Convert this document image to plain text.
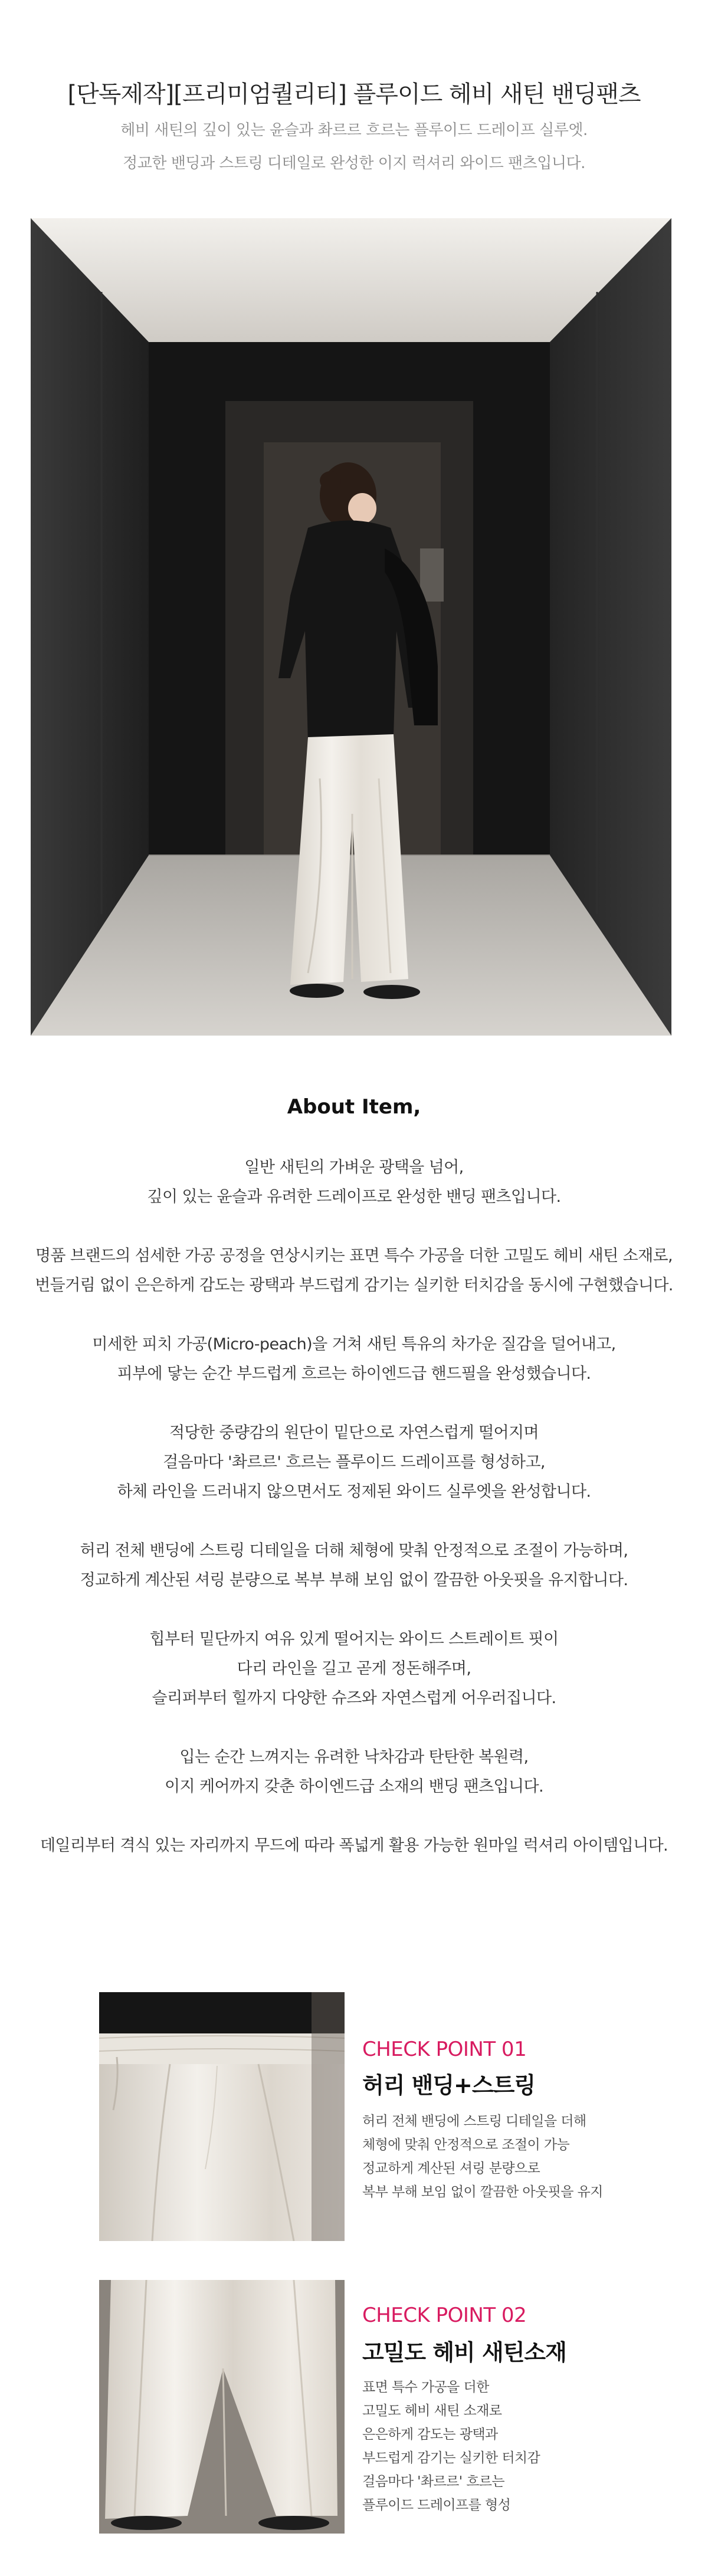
[단독제작][프리미엄퀄리티] 플루이드 헤비 새틴 밴딩팬츠
헤비 새틴의 깊이 있는 윤슬과 촤르르 흐르는 플루이드 드레이프 실루엣.
정교한 밴딩과 스트링 디테일로 완성한 이지 럭셔리 와이드 팬츠입니다.
About Item,

일반 새틴의 가벼운 광택을 넘어,
깊이 있는 윤슬과 유려한 드레이프로 완성한 밴딩 팬츠입니다.

명품 브랜드의 섬세한 가공 공정을 연상시키는 표면 특수 가공을 더한 고밀도 헤비 새틴 소재로,
번들거림 없이 은은하게 감도는 광택과 부드럽게 감기는 실키한 터치감을 동시에 구현했습니다.

미세한 피치 가공(Micro-peach)을 거쳐 새틴 특유의 차가운 질감을 덜어내고,
피부에 닿는 순간 부드럽게 흐르는 하이엔드급 핸드필을 완성했습니다.

적당한 중량감의 원단이 밑단으로 자연스럽게 떨어지며
걸음마다 '촤르르' 흐르는 플루이드 드레이프를 형성하고,
하체 라인을 드러내지 않으면서도 정제된 와이드 실루엣을 완성합니다.

허리 전체 밴딩에 스트링 디테일을 더해 체형에 맞춰 안정적으로 조절이 가능하며,
정교하게 계산된 셔링 분량으로 복부 부해 보임 없이 깔끔한 아웃핏을 유지합니다.

힙부터 밑단까지 여유 있게 떨어지는 와이드 스트레이트 핏이
다리 라인을 길고 곧게 정돈해주며,
슬리퍼부터 힐까지 다양한 슈즈와 자연스럽게 어우러집니다.

입는 순간 느껴지는 유려한 낙차감과 탄탄한 복원력,
이지 케어까지 갖춘 하이엔드급 소재의 밴딩 팬츠입니다.

데일리부터 격식 있는 자리까지 무드에 따라 폭넓게 활용 가능한 원마일 럭셔리 아이템입니다.

CHECK POINT 01
허리 밴딩+스트링
허리 전체 밴딩에 스트링 디테일을 더해
체형에 맞춰 안정적으로 조절이 가능
정교하게 계산된 셔링 분량으로
복부 부해 보임 없이 깔끔한 아웃핏을 유지
CHECK POINT 02
고밀도 헤비 새틴소재
표면 특수 가공을 더한
고밀도 헤비 새틴 소재로
은은하게 감도는 광택과
부드럽게 감기는 실키한 터치감
걸음마다 '촤르르' 흐르는
플루이드 드레이프를 형성
